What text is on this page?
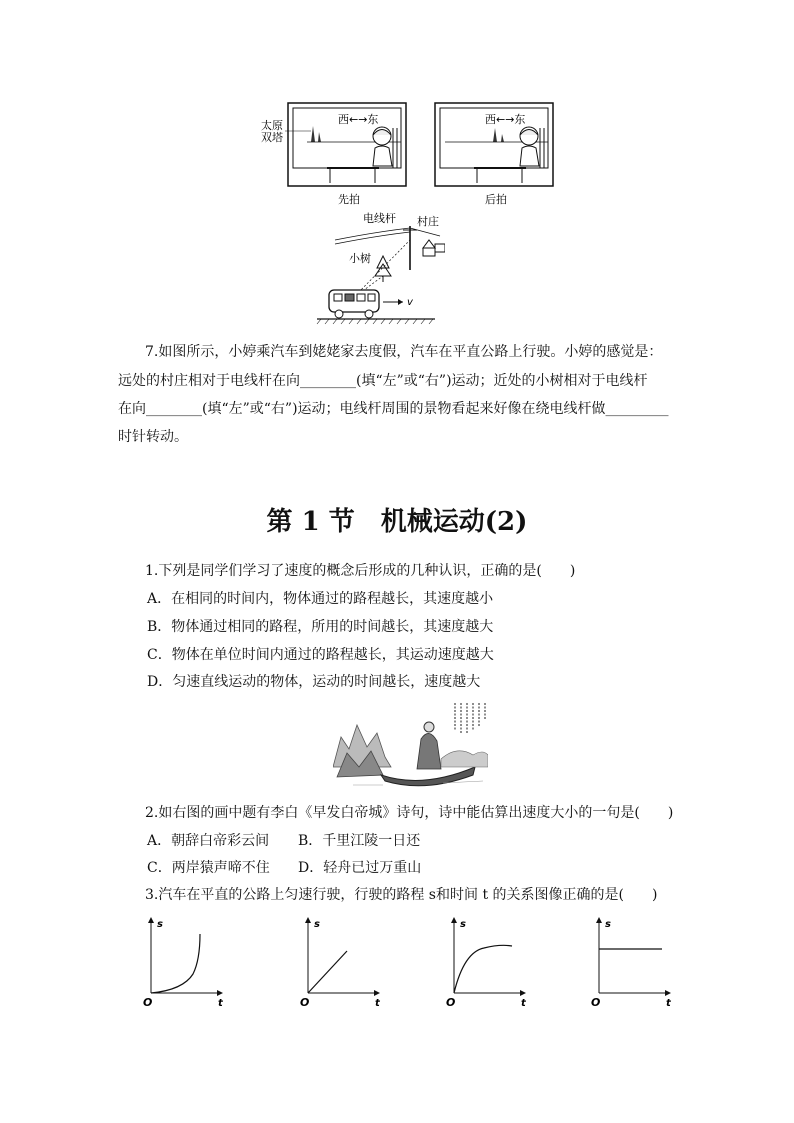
太原
双塔
西←→东
先拍
西←→东
后拍
电线杆 村庄
小树
v
7.如图所示，小婷乘汽车到姥姥家去度假，汽车在平直公路上行驶。小婷的感觉是：
远处的村庄相对于电线杆在向________(填“左”或“右”)运动；近处的小树相对于电线杆
在向________(填“左”或“右”)运动；电线杆周围的景物看起来好像在绕电线杆做_________
时针转动。
第 1 节　机械运动(2)
1.下列是同学们学习了速度的概念后形成的几种认识，正确的是(　　)
A．在相同的时间内，物体通过的路程越长，其速度越小
B．物体通过相同的路程，所用的时间越长，其速度越大
C．物体在单位时间内通过的路程越长，其运动速度越大
D．匀速直线运动的物体，运动的时间越长，速度越大
2.如右图的画中题有李白《早发白帝城》诗句，诗中能估算出速度大小的一句是(　　)
A．朝辞白帝彩云间 B．千里江陵一日还
C．两岸猿声啼不住 D．轻舟已过万重山
3.汽车在平直的公路上匀速行驶，行驶的路程 s和时间 t 的关系图像正确的是(　　)
s
t
O
s
t
O
s
t
O
s
t
O
